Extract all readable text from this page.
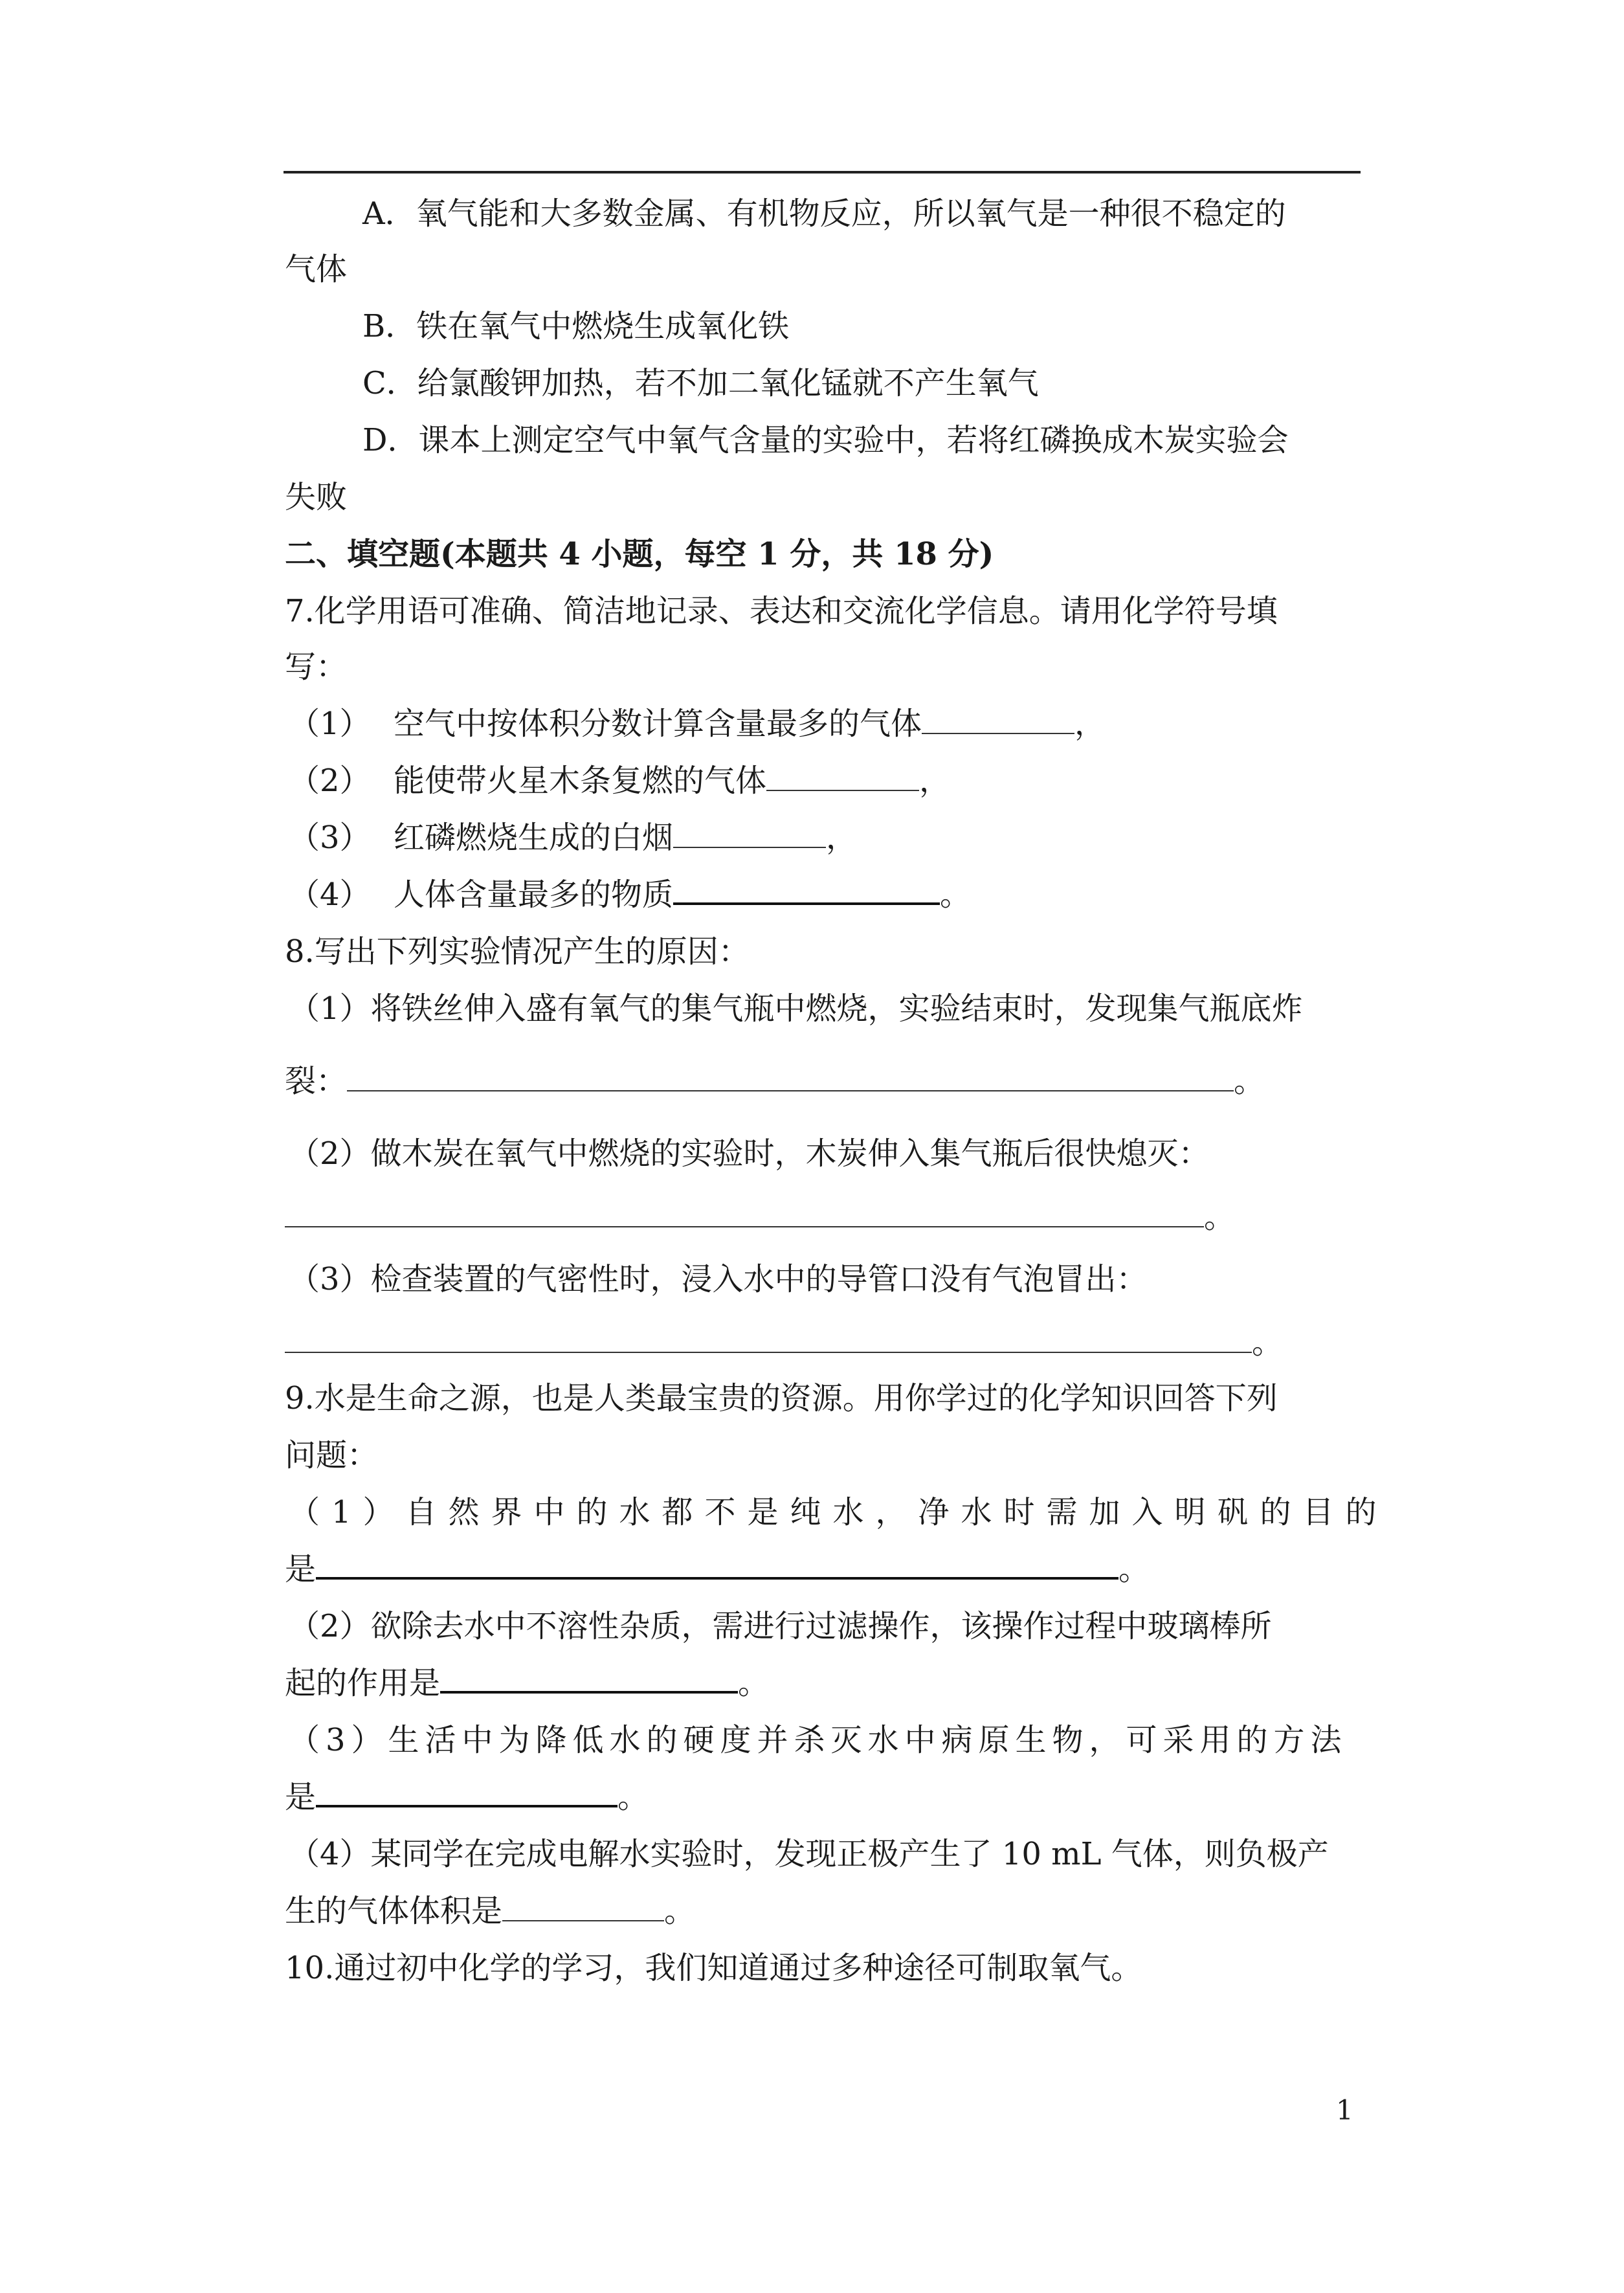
A．氧气能和大多数金属、有机物反应，所以氧气是一种很不稳定的
气体
B．铁在氧气中燃烧生成氧化铁
C．给氯酸钾加热，若不加二氧化锰就不产生氧气
D．课本上测定空气中氧气含量的实验中，若将红磷换成木炭实验会
失败
二、填空题(本题共 4 小题，每空 1 分，共 18 分)
7.化学用语可准确、简洁地记录、表达和交流化学信息。请用化学符号填
写：
（1） 空气中按体积分数计算含量最多的气体	，
（2） 能使带火星木条复燃的气体	，
（3） 红磷燃烧生成的白烟	，
（4） 人体含量最多的物质	。
8.写出下列实验情况产生的原因：
（1）将铁丝伸入盛有氧气的集气瓶中燃烧，实验结束时，发现集气瓶底炸
裂：	。
（2）做木炭在氧气中燃烧的实验时，木炭伸入集气瓶后很快熄灭：
。
（3）检查装置的气密性时，浸入水中的导管口没有气泡冒出：
。
9.水是生命之源，也是人类最宝贵的资源。用你学过的化学知识回答下列
问题：
（1）自然界中的水都不是纯水，净水时需加入明矾的目的
是	。
（2）欲除去水中不溶性杂质，需进行过滤操作，该操作过程中玻璃棒所
起的作用是	。
（3）生活中为降低水的硬度并杀灭水中病原生物，可采用的方法
是	。
（4）某同学在完成电解水实验时，发现正极产生了 10 mL 气体，则负极产
生的气体体积是	。
10.通过初中化学的学习，我们知道通过多种途径可制取氧气。
1
